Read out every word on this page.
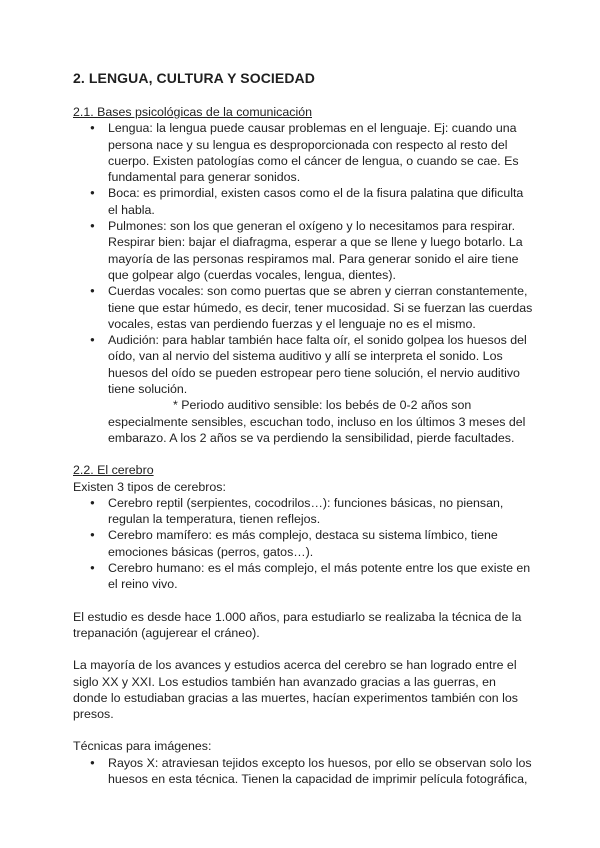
2. LENGUA, CULTURA Y SOCIEDAD

2.1. Bases psicológicas de la comunicación

● Lengua: la lengua puede causar problemas en el lenguaje. Ej: cuando una persona nace y su lengua es desproporcionada con respecto al resto del cuerpo. Existen patologías como el cáncer de lengua, o cuando se cae. Es fundamental para generar sonidos.
● Boca: es primordial, existen casos como el de la fisura palatina que dificulta el habla.
● Pulmones: son los que generan el oxígeno y lo necesitamos para respirar. Respirar bien: bajar el diafragma, esperar a que se llene y luego botarlo. La mayoría de las personas respiramos mal. Para generar sonido el aire tiene que golpear algo (cuerdas vocales, lengua, dientes).
● Cuerdas vocales: son como puertas que se abren y cierran constantemente, tiene que estar húmedo, es decir, tener mucosidad. Si se fuerzan las cuerdas vocales, estas van perdiendo fuerzas y el lenguaje no es el mismo.
● Audición: para hablar también hace falta oír, el sonido golpea los huesos del oído, van al nervio del sistema auditivo y allí se interpreta el sonido. Los huesos del oído se pueden estropear pero tiene solución, el nervio auditivo tiene solución.

* Periodo auditivo sensible: los bebés de 0-2 años son especialmente sensibles, escuchan todo, incluso en los últimos 3 meses del embarazo. A los 2 años se va perdiendo la sensibilidad, pierde facultades.

2.2. El cerebro

Existen 3 tipos de cerebros:

● Cerebro reptil (serpientes, cocodrilos…): funciones básicas, no piensan, regulan la temperatura, tienen reflejos.
● Cerebro mamífero: es más complejo, destaca su sistema límbico, tiene emociones básicas (perros, gatos…).
● Cerebro humano: es el más complejo, el más potente entre los que existe en el reino vivo.

El estudio es desde hace 1.000 años, para estudiarlo se realizaba la técnica de la trepanación (agujerear el cráneo).

La mayoría de los avances y estudios acerca del cerebro se han logrado entre el siglo XX y XXI. Los estudios también han avanzado gracias a las guerras, en donde lo estudiaban gracias a las muertes, hacían experimentos también con los presos.

Técnicas para imágenes:

● Rayos X: atraviesan tejidos excepto los huesos, por ello se observan solo los huesos en esta técnica. Tienen la capacidad de imprimir película fotográfica,
